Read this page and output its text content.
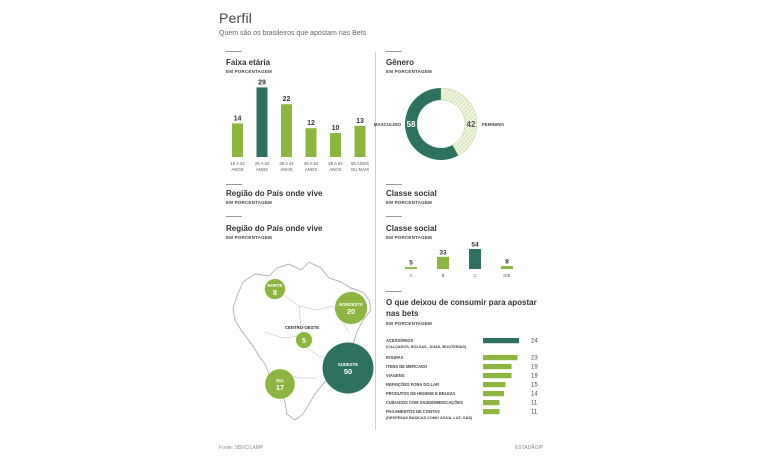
Perfil
Quem são os brasileiros que apostam nas Bets
Faixa etária
EM PORCENTAGEM
14
18 A 24
ANOS
29
25 A 34
ANOS
22
35 A 44
ANOS
12
45 A 54
ANOS
10
55 A 64
ANOS
13
65 ANOS
OU MAIS
Gênero
EM PORCENTAGEM
58	42
MASCULINO	FEMININO
Região do País onde vive
EM PORCENTAGEM
Classe social
EM PORCENTAGEM
Região do País onde vive
EM PORCENTAGEM
NORTE
8
NORDESTE
20
CENTRO-OESTE
5
SUDESTE
50
SUL
17
Classe social
EM PORCENTAGEM
5
A
33
B
54
C
8
D/E
O que deixou de consumir para apostar
nas bets
EM PORCENTAGEM
ACESSÓRIOS
(CALÇADOS, BOLSAS, JOIAS, BIJUTERIAS)
24
ROUPAS	23
ITENS DE MERCADO	19
VIAGENS	19
REFEIÇÕES FORA DO LAR	15
PRODUTOS DE HIGIENE E BELEZA	14
CUIDADOS COM SAÚDE/MEDICAÇÕES	11
PAGAMENTOS DE CONTAS
(DESPESAS BÁSICAS COMO ÁGUA, LUZ, GÁS)
11
Fonte: SBVC/LAMP	ESTADÃO/P
